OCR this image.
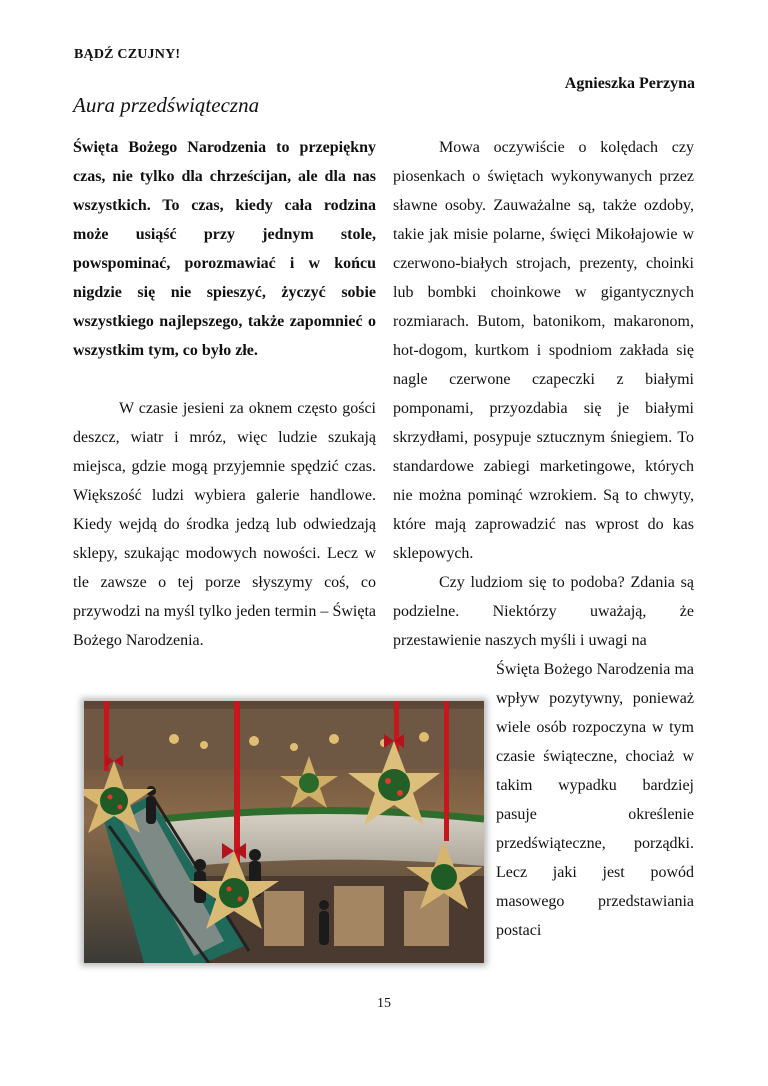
BĄDŹ CZUJNY!
Agnieszka Perzyna
Aura przedświąteczna

Święta Bożego Narodzenia to przepiękny czas, nie tylko dla chrześcijan, ale dla nas wszystkich. To czas, kiedy cała rodzina może usiąść przy jednym stole, powspominać, porozmawiać i w końcu nigdzie się nie spieszyć, życzyć sobie wszystkiego najlepszego, także zapomnieć o wszystkim tym, co było złe.

W czasie jesieni za oknem często gości deszcz, wiatr i mróz, więc ludzie szukają miejsca, gdzie mogą przyjemnie spędzić czas. Większość ludzi wybiera galerie handlowe. Kiedy wejdą do środka jedzą lub odwiedzają sklepy, szukając modowych nowości. Lecz w tle zawsze o tej porze słyszymy coś, co przywodzi na myśl tylko jeden termin – Święta Bożego Narodzenia.

Mowa oczywiście o kolędach czy piosenkach o świętach wykonywanych przez sławne osoby. Zauważalne są, także ozdoby, takie jak misie polarne, święci Mikołajowie w czerwono-białych strojach, prezenty, choinki lub bombki choinkowe w gigantycznych rozmiarach. Butom, batonikom, makaronom, hot-dogom, kurtkom i spodniom zakłada się nagle czerwone czapeczki z białymi pomponami, przyozdabia się je białymi skrzydłami, posypuje sztucznym śniegiem. To standardowe zabiegi marketingowe, których nie można pominąć wzrokiem. Są to chwyty, które mają zaprowadzić nas wprost do kas sklepowych.

Czy ludziom się to podoba? Zdania są podzielne. Niektórzy uważają, że przestawienie naszych myśli i uwagi na

Święta Bożego Narodzenia ma wpływ pozytywny, ponieważ wiele osób rozpoczyna w tym czasie świąteczne, chociaż w takim wypadku bardziej pasuje określenie przedświąteczne, porządki. Lecz jaki jest powód masowego przedstawiania postaci

15
